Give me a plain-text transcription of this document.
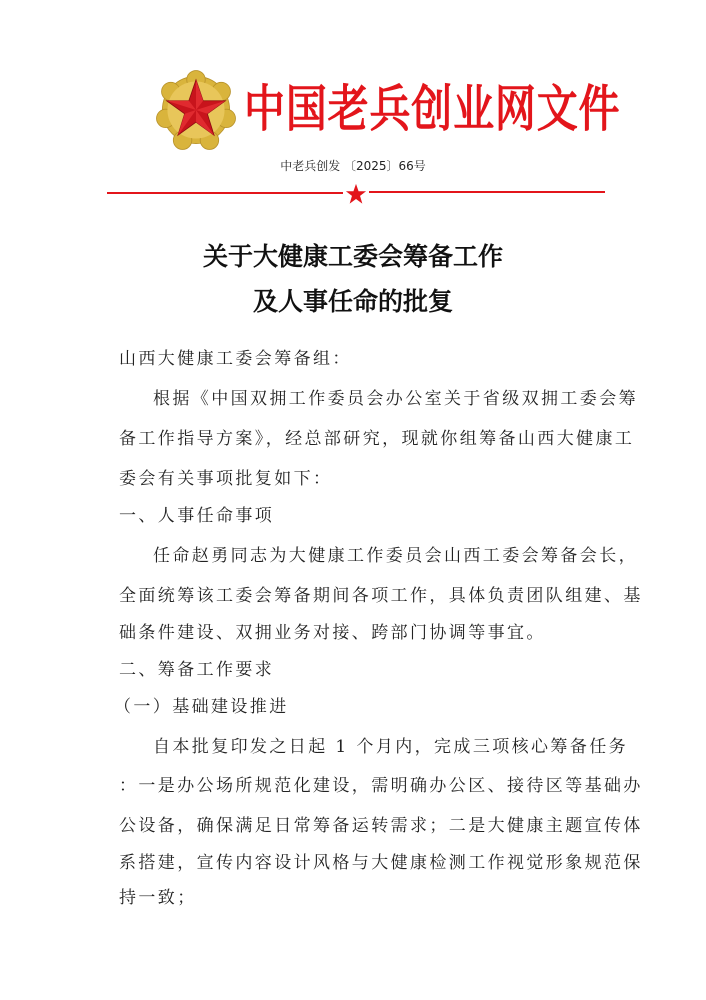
中国老兵创业网文件
中老兵创发 〔2025〕66号
关于大健康工委会筹备工作
及人事任命的批复
山西大健康工委会筹备组：
根据《中国双拥工作委员会办公室关于省级双拥工委会筹
备工作指导方案》，经总部研究，现就你组筹备山西大健康工
委会有关事项批复如下：
一、人事任命事项
任命赵勇同志为大健康工作委员会山西工委会筹备会长，
全面统筹该工委会筹备期间各项工作，具体负责团队组建、基
础条件建设、双拥业务对接、跨部门协调等事宜。
二、筹备工作要求
（一）基础建设推进
自本批复印发之日起 1 个月内，完成三项核心筹备任务
：一是办公场所规范化建设，需明确办公区、接待区等基础办
公设备，确保满足日常筹备运转需求；二是大健康主题宣传体
系搭建，宣传内容设计风格与大健康检测工作视觉形象规范保
持一致；
